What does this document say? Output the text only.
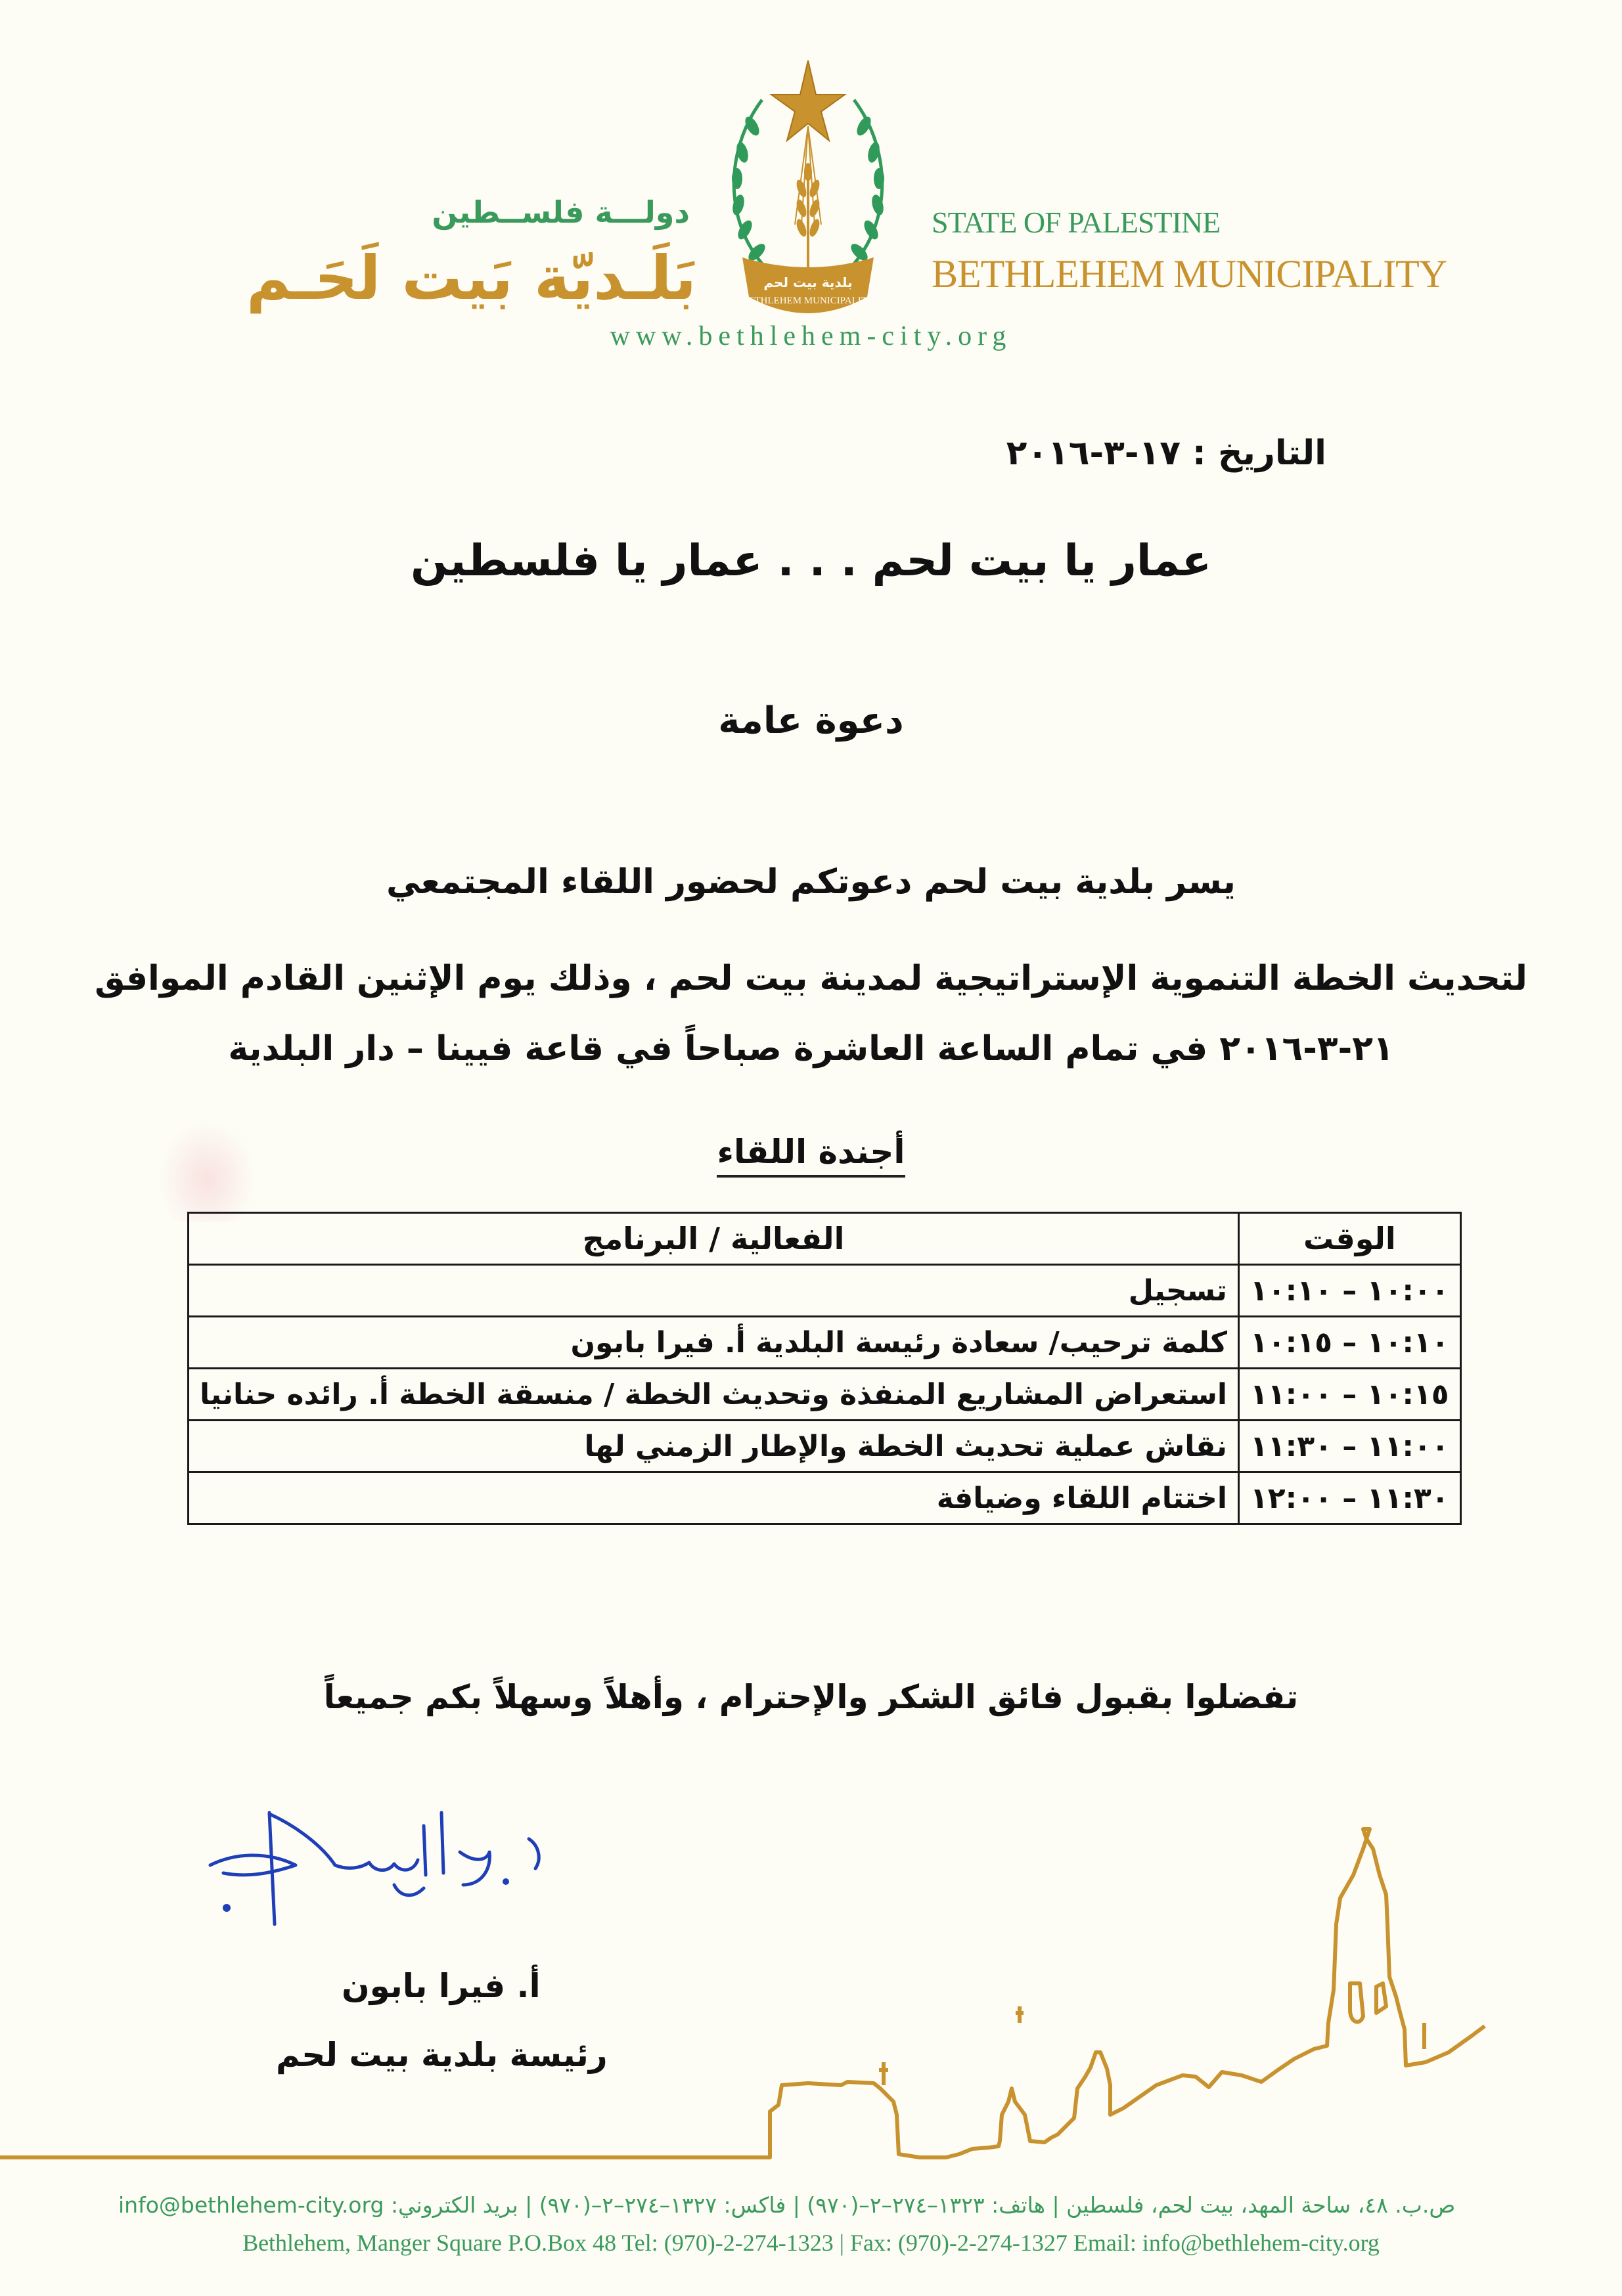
دولـــة فلســطين
بَلَـديّة بَيت لَحَـم	بلدية بيت لحم
BETHLEHEM MUNICIPALITY
STATE OF PALESTINE
BETHLEHEM MUNICIPALITY
www.bethlehem-city.org
التاريخ : ١٧-٣-٢٠١٦
عمار يا بيت لحم . . . عمار يا فلسطين
دعوة عامة
يسر بلدية بيت لحم دعوتكم لحضور اللقاء المجتمعي
لتحديث الخطة التنموية الإستراتيجية لمدينة بيت لحم ، وذلك يوم الإثنين القادم الموافق
٢١-٣-٢٠١٦ في تمام الساعة العاشرة صباحاً في قاعة فيينا – دار البلدية
أجندة اللقاء
الوقت	الفعالية / البرنامج
١٠:٠٠ – ١٠:١٠	تسجيل
١٠:١٠ – ١٠:١٥	كلمة ترحيب/ سعادة رئيسة البلدية أ. فيرا بابون
١٠:١٥ – ١١:٠٠	استعراض المشاريع المنفذة وتحديث الخطة / منسقة الخطة أ. رائده حنانيا
١١:٠٠ – ١١:٣٠	نقاش عملية تحديث الخطة والإطار الزمني لها
١١:٣٠ – ١٢:٠٠	اختتام اللقاء وضيافة
تفضلوا بقبول فائق الشكر والإحترام ، وأهلاً وسهلاً بكم جميعاً
أ. فيرا بابون
رئيسة بلدية بيت لحم
info@bethlehem-city.org ص.ب. ٤٨، ساحة المهد، بيت لحم، فلسطين | هاتف: ١٣٢٣–٢٧٤–٢–(٩٧٠) | فاكس: ١٣٢٧–٢٧٤–٢–(٩٧٠) | بريد الكتروني:
Bethlehem, Manger Square P.O.Box 48 Tel: (970)-2-274-1323 | Fax: (970)-2-274-1327 Email: info@bethlehem-city.org
